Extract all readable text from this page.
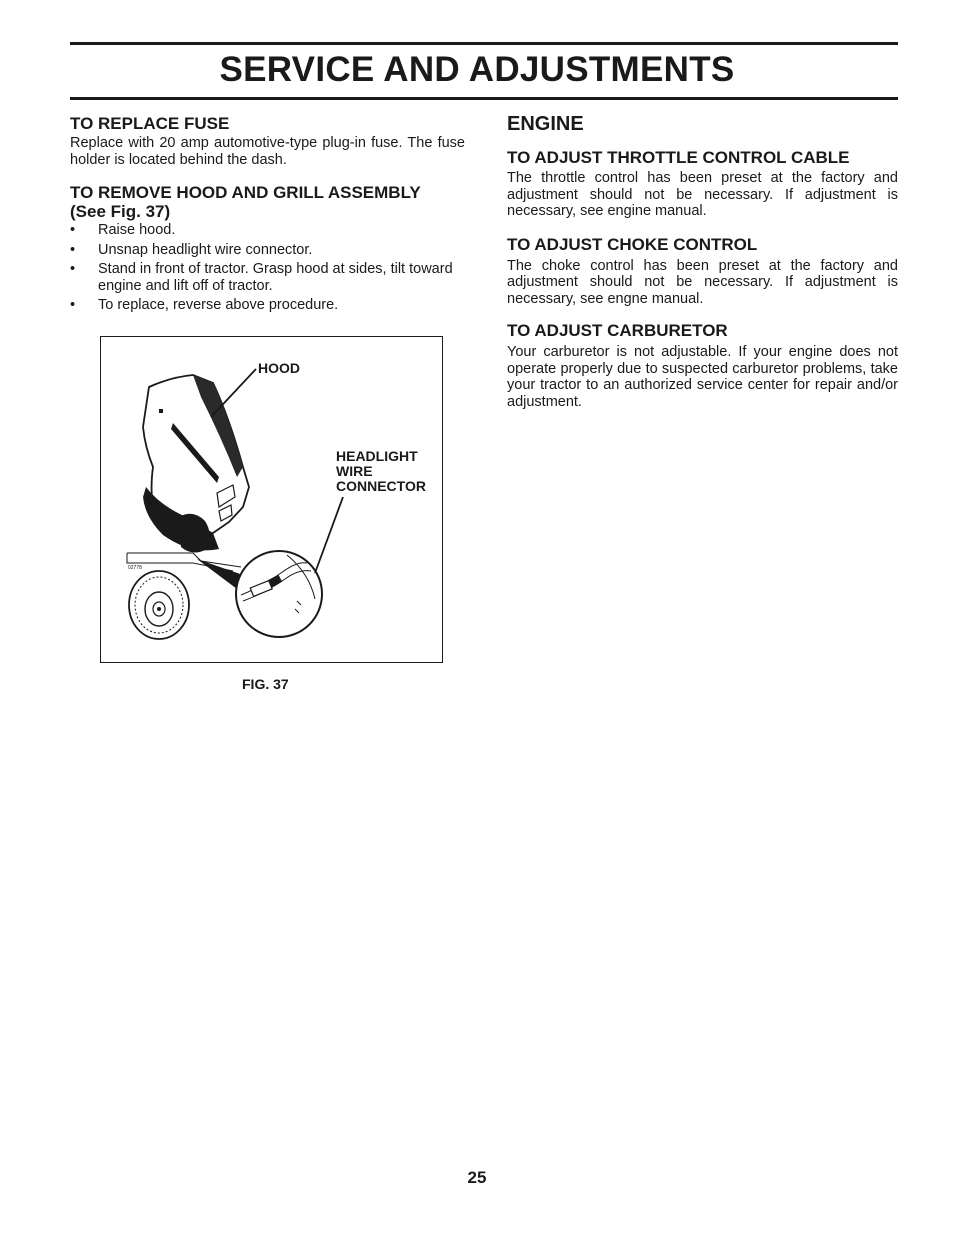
SERVICE AND ADJUSTMENTS
TO REPLACE FUSE

Replace with 20 amp automotive-type plug-in fuse. The fuse holder is located behind the dash.

TO REMOVE HOOD AND GRILL ASSEMBLY
(See Fig. 37)
• Raise hood.
• Unsnap headlight wire connector.
• Stand in front of tractor. Grasp hood at sides, tilt toward engine and lift off of tractor.
• To replace, reverse above procedure.
HOOD
HEADLIGHT
WIRE
CONNECTOR
02778
FIG. 37
ENGINE
TO ADJUST THROTTLE CONTROL CABLE

The throttle control has been preset at the factory and adjustment should not be necessary. If adjustment is necessary, see engine manual.

TO ADJUST CHOKE CONTROL

The choke control has been preset at the factory and adjustment should not be necessary. If adjustment is necessary, see engne manual.

TO ADJUST CARBURETOR

Your carburetor is not adjustable. If your engine does not operate properly due to suspected carburetor problems, take your tractor to an authorized service center for repair and/or adjustment.

25
